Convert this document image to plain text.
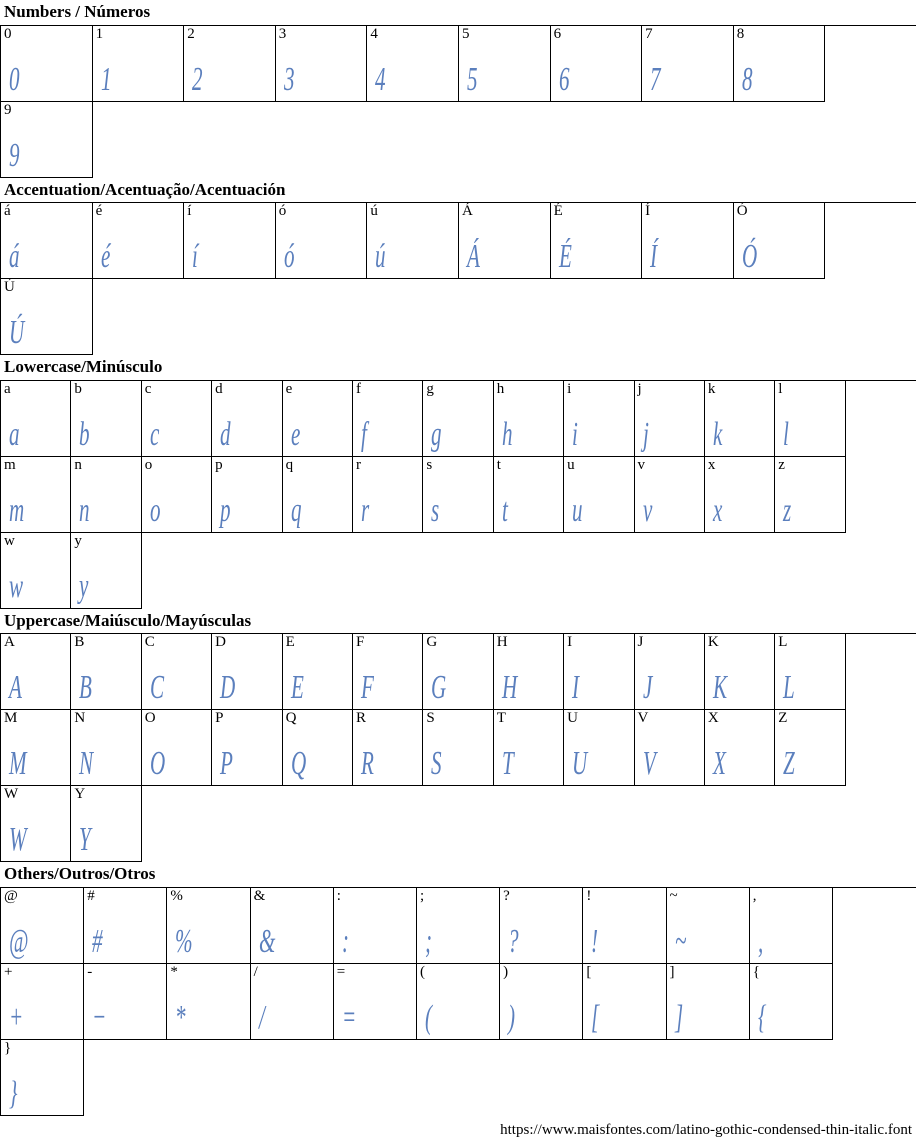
Numbers / Números
0
0
1
1
2
2
3
3
4
4
5
5
6
6
7
7
8
8
9
9
Accentuation/Acentuação/Acentuación
á
á
é
é
í
í
ó
ó
ú
ú
Á
Á
É
É
Í
Í
Ó
Ó
Ú
Ú
Lowercase/Minúsculo
a
a
b
b
c
c
d
d
e
e
f
f
g
g
h
h
i
i
j
j
k
k
l
l
m
m
n
n
o
o
p
p
q
q
r
r
s
s
t
t
u
u
v
v
x
x
z
z
w
w
y
y
Uppercase/Maiúsculo/Mayúsculas
A
A
B
B
C
C
D
D
E
E
F
F
G
G
H
H
I
I
J
J
K
K
L
L
M
M
N
N
O
O
P
P
Q
Q
R
R
S
S
T
T
U
U
V
V
X
X
Z
Z
W
W
Y
Y
Others/Outros/Otros
@
@
#
#
%
%
&
&
:
:
;
;
?
?
!
!
~
~
,
,
+
+
-
−
*
*
/
/
=
=
(
(
)
)
[
[
]
]
{
{
}
}
https://www.maisfontes.com/latino-gothic-condensed-thin-italic.font
